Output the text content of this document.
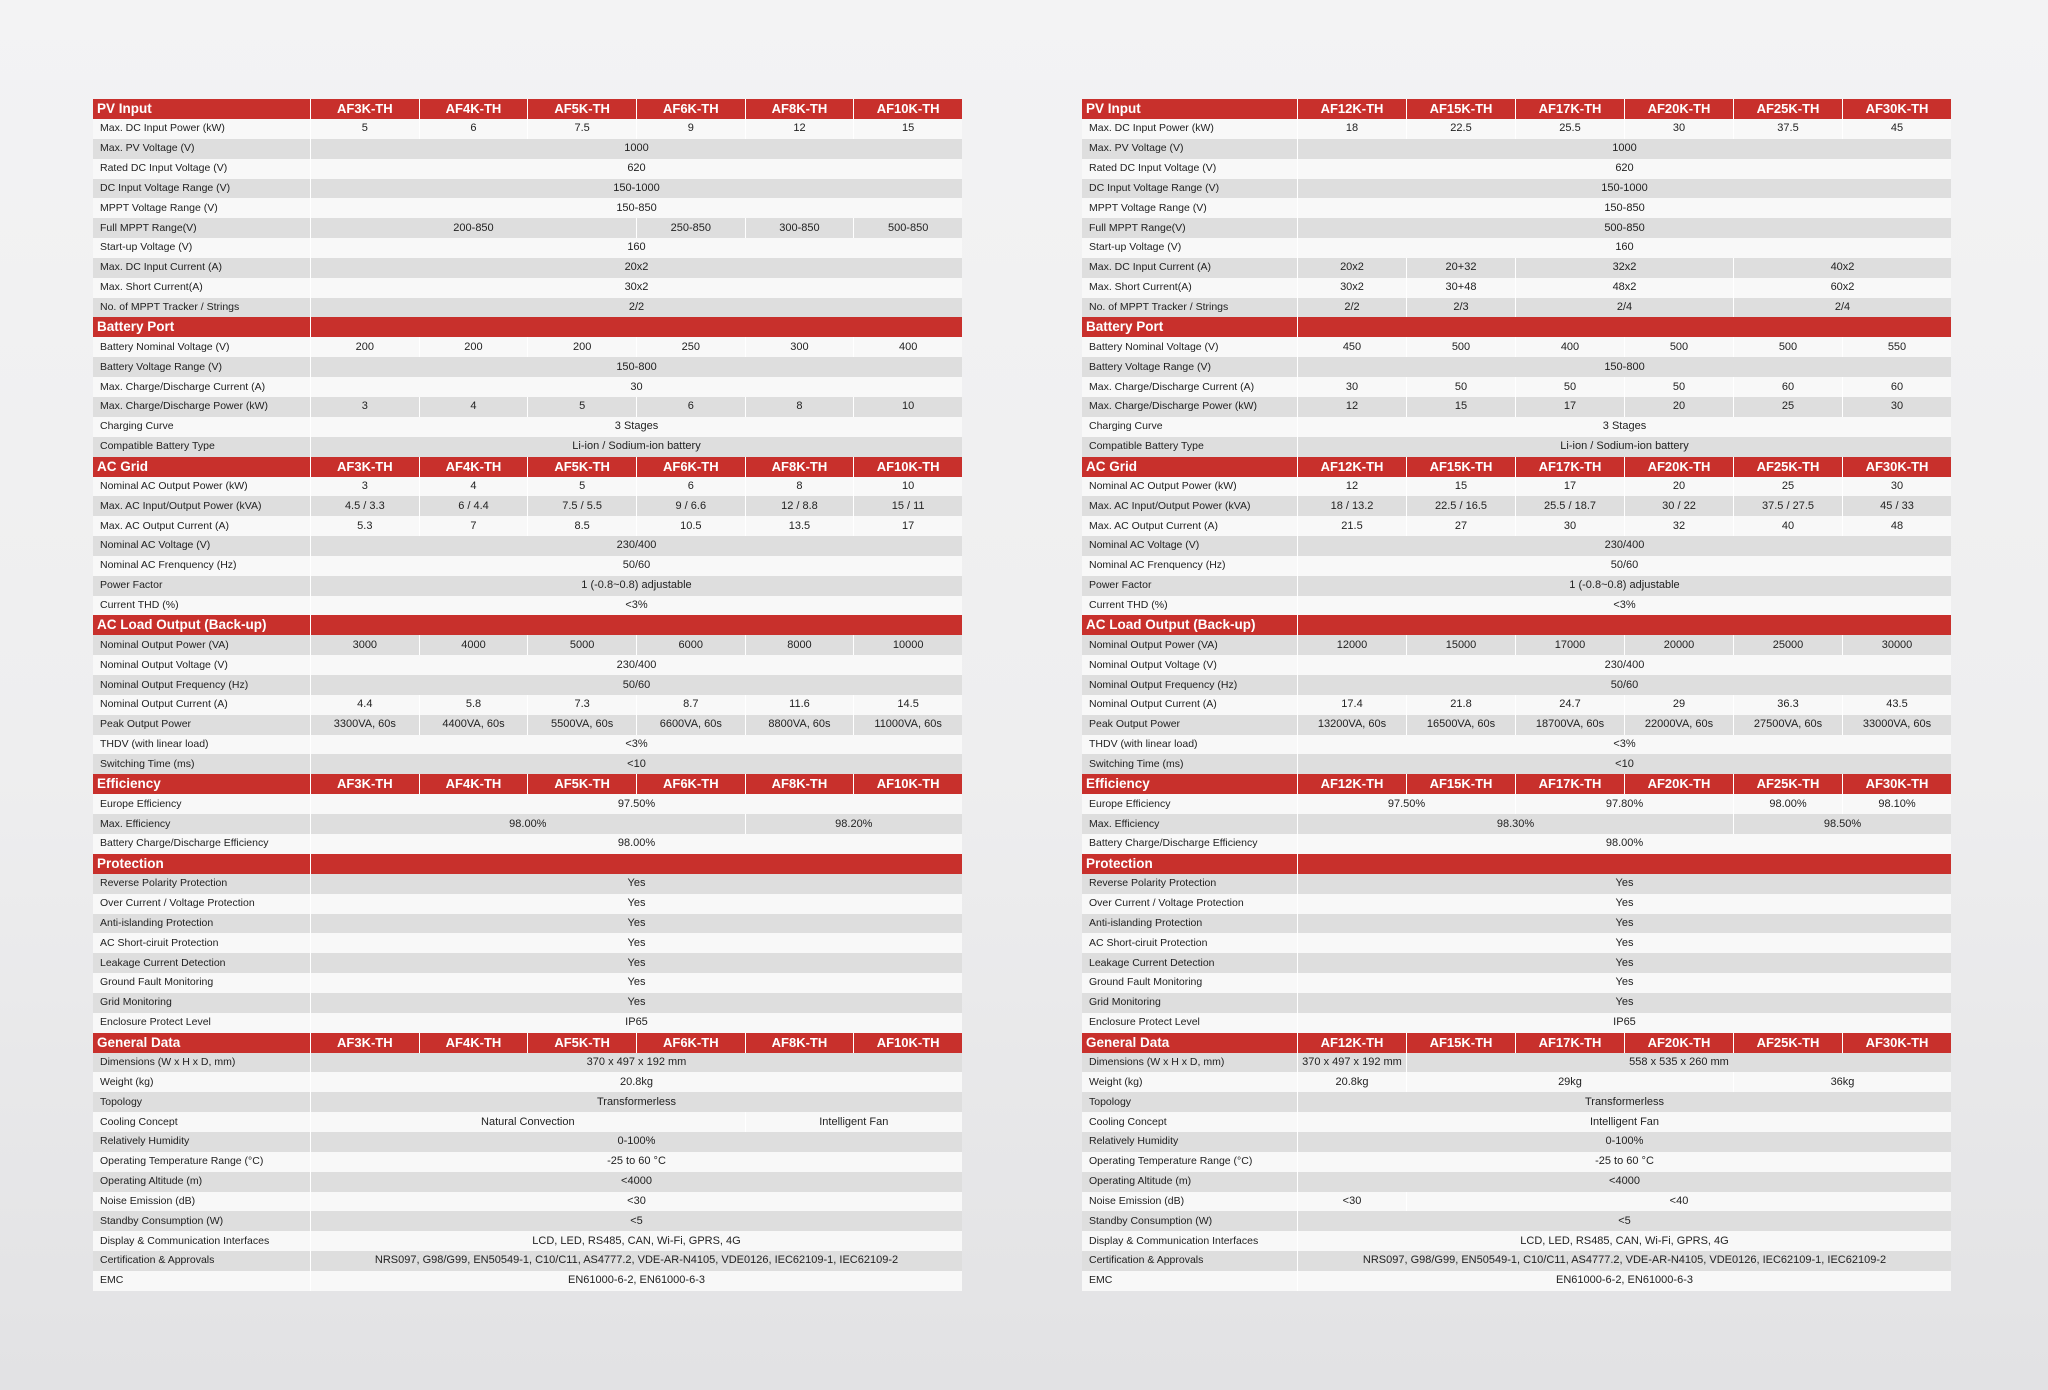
PV Input	AF3K-TH	AF4K-TH	AF5K-TH	AF6K-TH	AF8K-TH	AF10K-TH
Max. DC Input Power (kW)	5	6	7.5	9	12	15
Max. PV Voltage (V)	1000					
Rated DC Input Voltage (V)	620					
DC Input Voltage Range (V)	150-1000					
MPPT Voltage Range (V)	150-850					
Full MPPT Range(V)	200-850			250-850	300-850	500-850
Start-up Voltage (V)	160					
Max. DC Input Current (A)	20x2					
Max. Short Current(A)	30x2					
No. of MPPT Tracker / Strings	2/2					
Battery Port						
Battery Nominal Voltage (V)	200	200	200	250	300	400
Battery Voltage Range (V)	150-800					
Max. Charge/Discharge Current (A)	30					
Max. Charge/Discharge Power (kW)	3	4	5	6	8	10
Charging Curve	3 Stages					
Compatible Battery Type	Li-ion / Sodium-ion battery					
AC Grid	AF3K-TH	AF4K-TH	AF5K-TH	AF6K-TH	AF8K-TH	AF10K-TH
Nominal AC Output Power (kW)	3	4	5	6	8	10
Max. AC Input/Output Power (kVA)	4.5 / 3.3	6 / 4.4	7.5 / 5.5	9 / 6.6	12 / 8.8	15 / 11
Max. AC Output Current (A)	5.3	7	8.5	10.5	13.5	17
Nominal AC Voltage (V)	230/400					
Nominal AC Frenquency (Hz)	50/60					
Power Factor	1 (-0.8~0.8) adjustable					
Current THD (%)	<3%					
AC Load Output (Back-up)						
Nominal Output Power (VA)	3000	4000	5000	6000	8000	10000
Nominal Output Voltage (V)	230/400					
Nominal Output Frequency (Hz)	50/60					
Nominal Output Current (A)	4.4	5.8	7.3	8.7	11.6	14.5
Peak Output Power	3300VA, 60s	4400VA, 60s	5500VA, 60s	6600VA, 60s	8800VA, 60s	11000VA, 60s
THDV (with linear load)	<3%					
Switching Time (ms)	<10					
Efficiency	AF3K-TH	AF4K-TH	AF5K-TH	AF6K-TH	AF8K-TH	AF10K-TH
Europe Efficiency	97.50%					
Max. Efficiency	98.00%				98.20%	
Battery Charge/Discharge Efficiency	98.00%					
Protection						
Reverse Polarity Protection	Yes					
Over Current / Voltage Protection	Yes					
Anti-islanding Protection	Yes					
AC Short-ciruit Protection	Yes					
Leakage Current Detection	Yes					
Ground Fault Monitoring	Yes					
Grid Monitoring	Yes					
Enclosure Protect Level	IP65					
General Data	AF3K-TH	AF4K-TH	AF5K-TH	AF6K-TH	AF8K-TH	AF10K-TH
Dimensions (W x H x D, mm)	370 x 497 x 192 mm					
Weight (kg)	20.8kg					
Topology	Transformerless					
Cooling Concept	Natural Convection				Intelligent Fan	
Relatively Humidity	0-100%					
Operating Temperature Range (°C)	-25 to 60 °C					
Operating Altitude (m)	<4000					
Noise Emission (dB)	<30					
Standby Consumption (W)	<5					
Display & Communication Interfaces	LCD, LED, RS485, CAN, Wi-Fi, GPRS, 4G					
Certification & Approvals	NRS097, G98/G99, EN50549-1, C10/C11, AS4777.2, VDE-AR-N4105, VDE0126, IEC62109-1, IEC62109-2					
EMC	EN61000-6-2, EN61000-6-3					
PV Input	AF12K-TH	AF15K-TH	AF17K-TH	AF20K-TH	AF25K-TH	AF30K-TH
Max. DC Input Power (kW)	18	22.5	25.5	30	37.5	45
Max. PV Voltage (V)	1000					
Rated DC Input Voltage (V)	620					
DC Input Voltage Range (V)	150-1000					
MPPT Voltage Range (V)	150-850					
Full MPPT Range(V)	500-850					
Start-up Voltage (V)	160					
Max. DC Input Current (A)	20x2	20+32	32x2		40x2	
Max. Short Current(A)	30x2	30+48	48x2		60x2	
No. of MPPT Tracker / Strings	2/2	2/3	2/4		2/4	
Battery Port						
Battery Nominal Voltage (V)	450	500	400	500	500	550
Battery Voltage Range (V)	150-800					
Max. Charge/Discharge Current (A)	30	50	50	50	60	60
Max. Charge/Discharge Power (kW)	12	15	17	20	25	30
Charging Curve	3 Stages					
Compatible Battery Type	Li-ion / Sodium-ion battery					
AC Grid	AF12K-TH	AF15K-TH	AF17K-TH	AF20K-TH	AF25K-TH	AF30K-TH
Nominal AC Output Power (kW)	12	15	17	20	25	30
Max. AC Input/Output Power (kVA)	18 / 13.2	22.5 / 16.5	25.5 / 18.7	30 / 22	37.5 / 27.5	45 / 33
Max. AC Output Current (A)	21.5	27	30	32	40	48
Nominal AC Voltage (V)	230/400					
Nominal AC Frenquency (Hz)	50/60					
Power Factor	1 (-0.8~0.8) adjustable					
Current THD (%)	<3%					
AC Load Output (Back-up)						
Nominal Output Power (VA)	12000	15000	17000	20000	25000	30000
Nominal Output Voltage (V)	230/400					
Nominal Output Frequency (Hz)	50/60					
Nominal Output Current (A)	17.4	21.8	24.7	29	36.3	43.5
Peak Output Power	13200VA, 60s	16500VA, 60s	18700VA, 60s	22000VA, 60s	27500VA, 60s	33000VA, 60s
THDV (with linear load)	<3%					
Switching Time (ms)	<10					
Efficiency	AF12K-TH	AF15K-TH	AF17K-TH	AF20K-TH	AF25K-TH	AF30K-TH
Europe Efficiency	97.50%		97.80%		98.00%	98.10%
Max. Efficiency	98.30%				98.50%	
Battery Charge/Discharge Efficiency	98.00%					
Protection						
Reverse Polarity Protection	Yes					
Over Current / Voltage Protection	Yes					
Anti-islanding Protection	Yes					
AC Short-ciruit Protection	Yes					
Leakage Current Detection	Yes					
Ground Fault Monitoring	Yes					
Grid Monitoring	Yes					
Enclosure Protect Level	IP65					
General Data	AF12K-TH	AF15K-TH	AF17K-TH	AF20K-TH	AF25K-TH	AF30K-TH
Dimensions (W x H x D, mm)	370 x 497 x 192 mm	558 x 535 x 260 mm				
Weight (kg)	20.8kg	29kg			36kg	
Topology	Transformerless					
Cooling Concept	Intelligent Fan					
Relatively Humidity	0-100%					
Operating Temperature Range (°C)	-25 to 60 °C					
Operating Altitude (m)	<4000					
Noise Emission (dB)	<30	<40				
Standby Consumption (W)	<5					
Display & Communication Interfaces	LCD, LED, RS485, CAN, Wi-Fi, GPRS, 4G					
Certification & Approvals	NRS097, G98/G99, EN50549-1, C10/C11, AS4777.2, VDE-AR-N4105, VDE0126, IEC62109-1, IEC62109-2					
EMC	EN61000-6-2, EN61000-6-3					
